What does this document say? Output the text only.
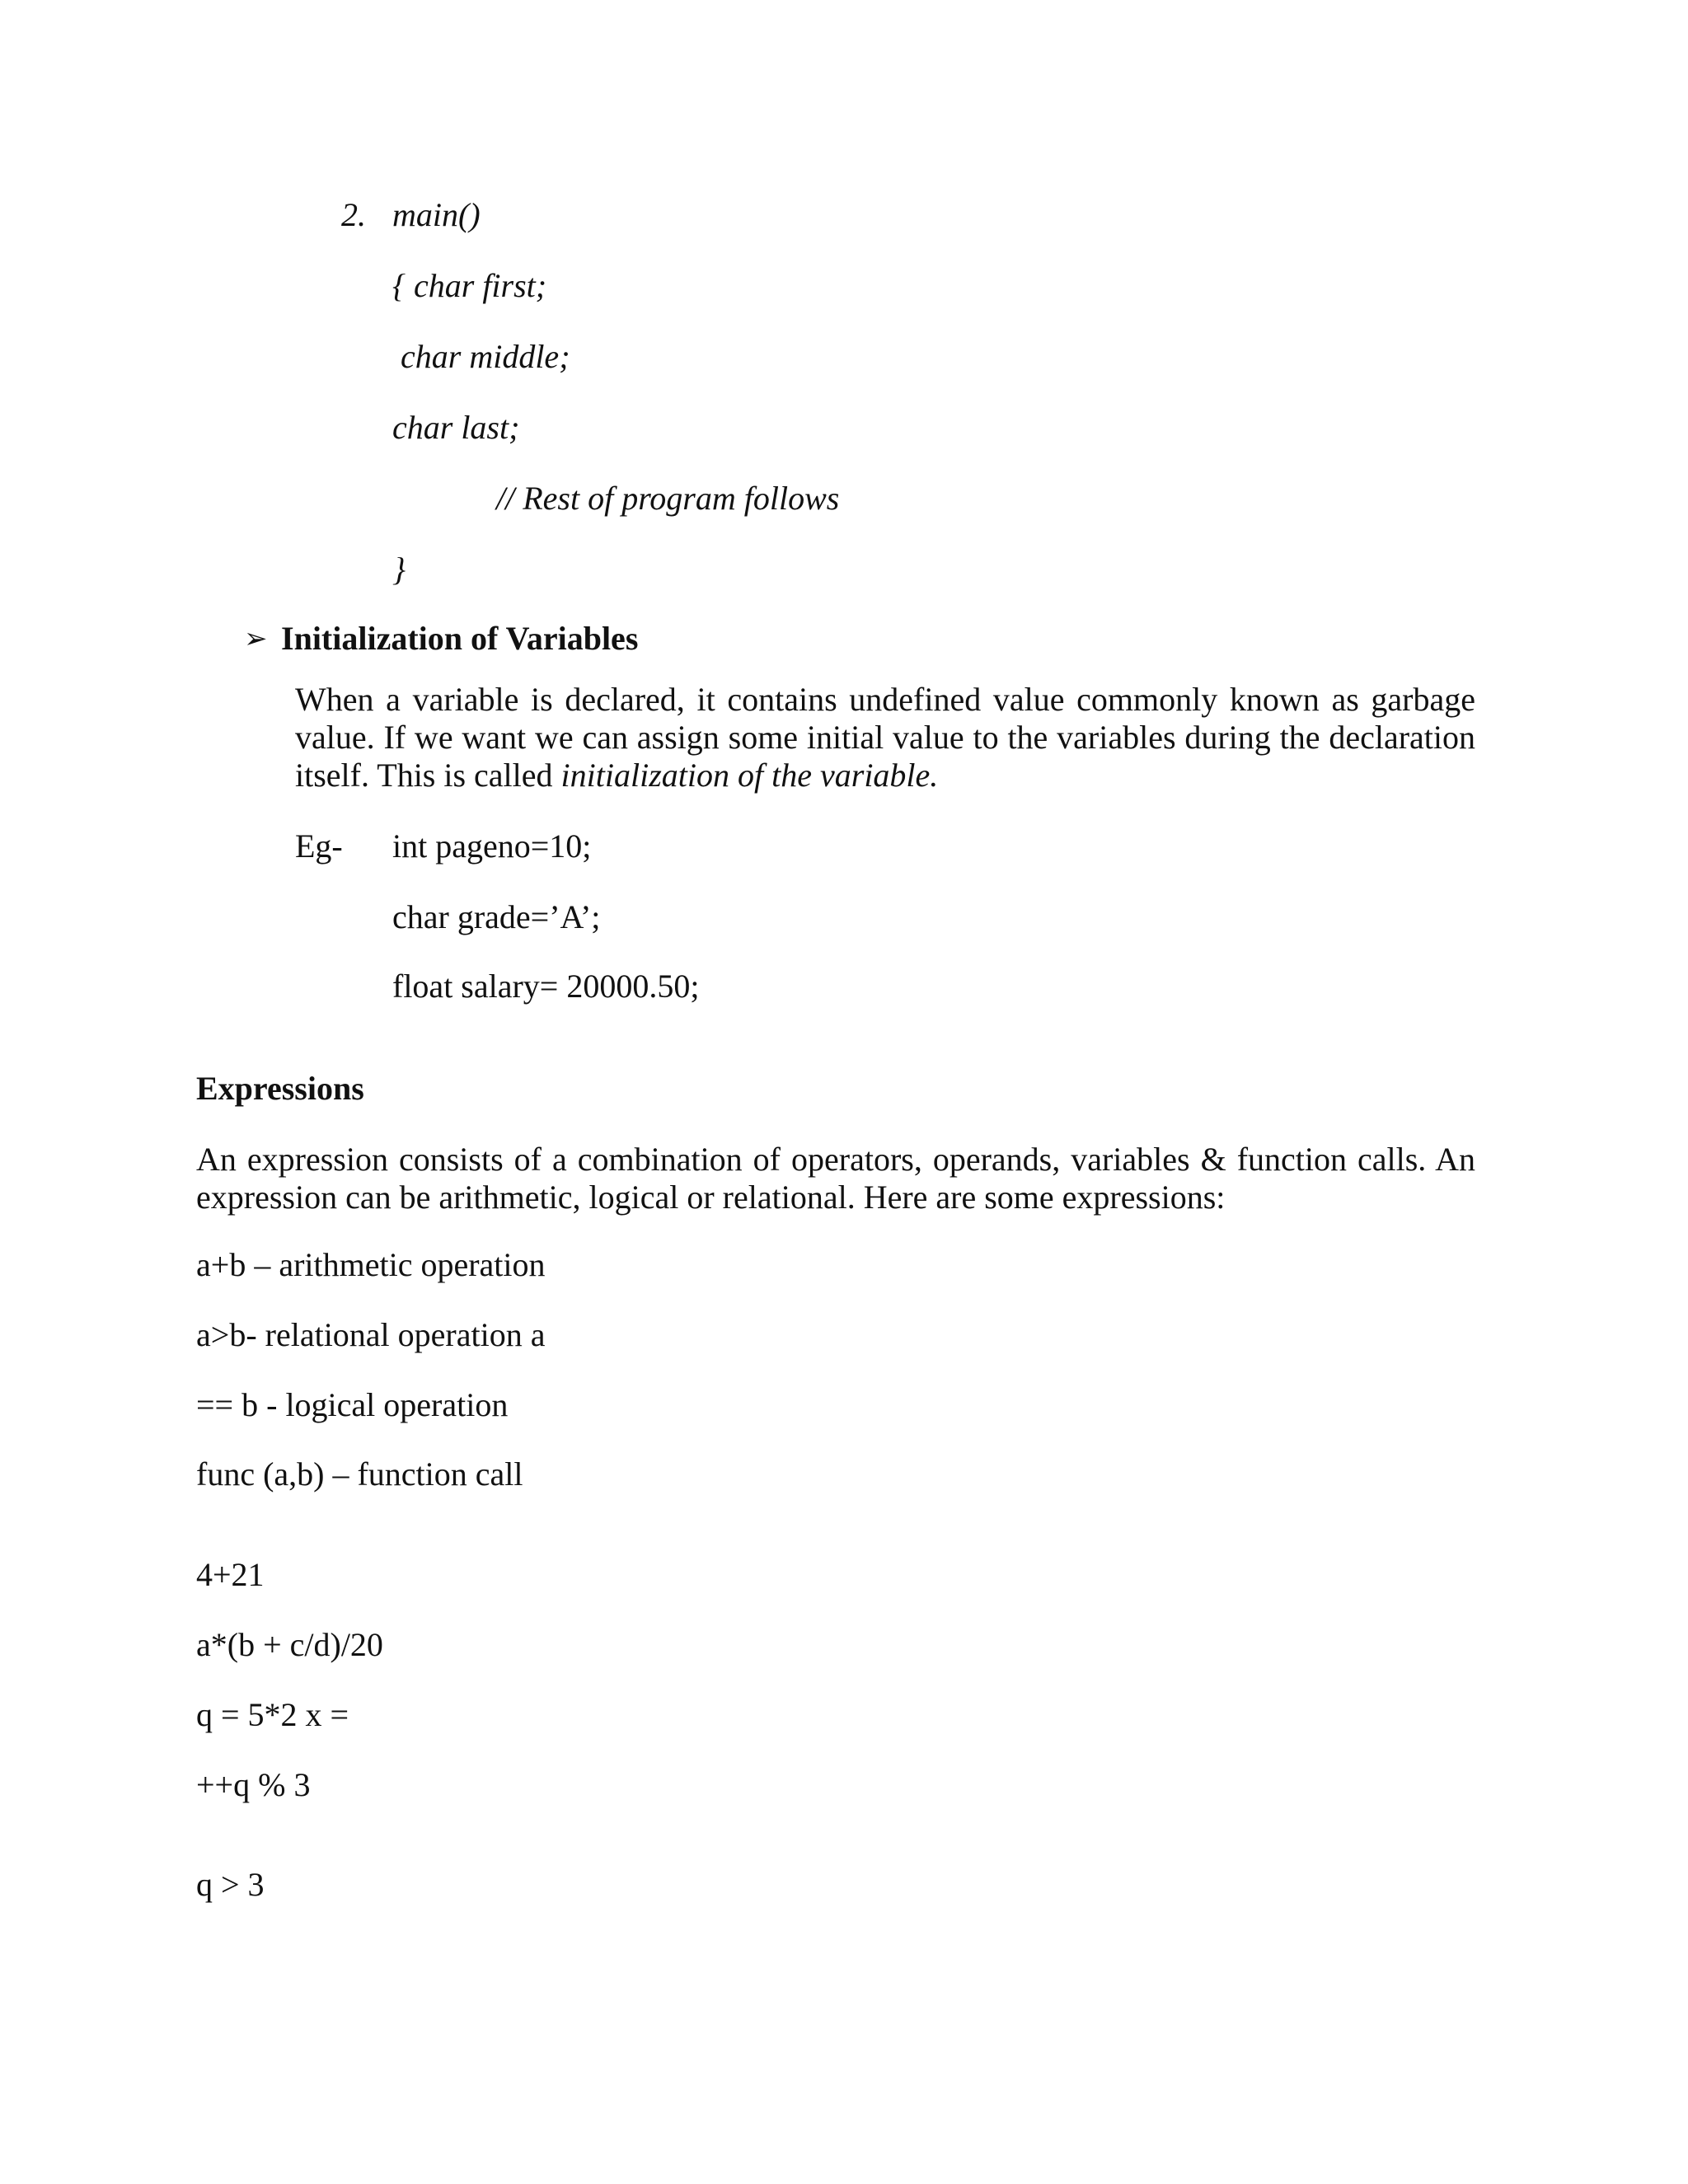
2. main()
{ char first;
char middle;
char last;
// Rest of program follows
}
➢ Initialization of Variables

When a variable is declared, it contains undefined value commonly known as garbage value. If we want we can assign some initial value to the variables during the declaration itself. This is called initialization of the variable.

Eg- int pageno=10;
char grade=’A’;
float salary= 20000.50;
Expressions

An expression consists of a combination of operators, operands, variables & function calls. An expression can be arithmetic, logical or relational. Here are some expressions:

a+b – arithmetic operation
a>b- relational operation a
== b - logical operation
func (a,b) – function call
4+21
a*(b + c/d)/20
q = 5*2 x =
++q % 3
q > 3
